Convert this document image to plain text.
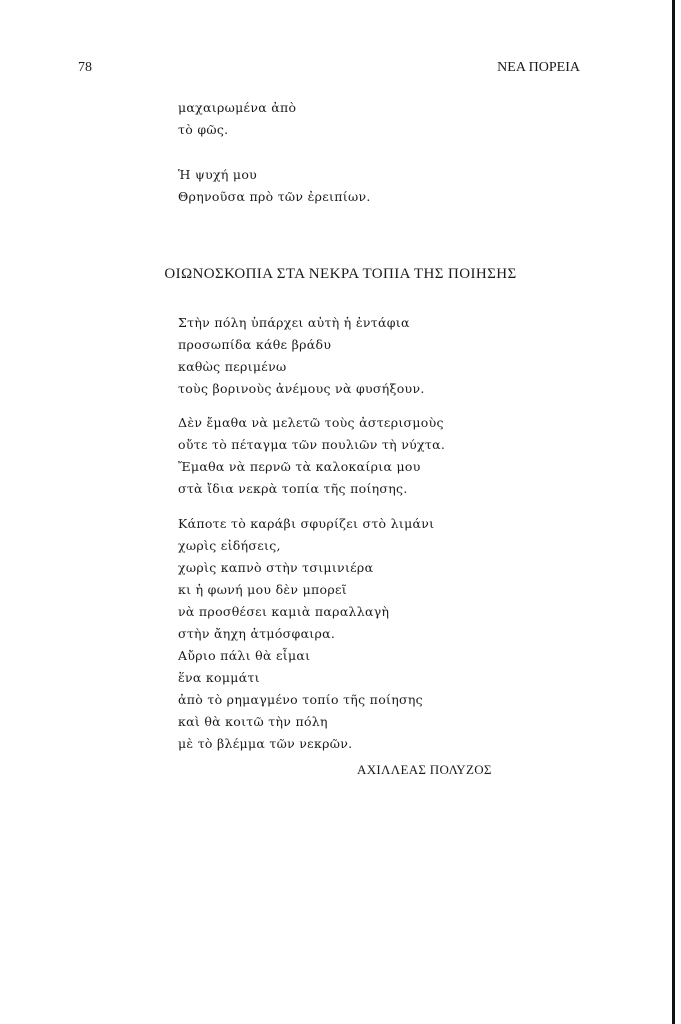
78	ΝΕΑ ΠΟΡΕΙΑ
μαχαιρωμένα ἀπὸ
τὸ φῶς.
Ἡ ψυχή μου
Θρηνοῦσα πρὸ τῶν ἐρειπίων.
ΟΙΩΝΟΣΚΟΠΙΑ ΣΤΑ ΝΕΚΡΑ ΤΟΠΙΑ ΤΗΣ ΠΟΙΗΣΗΣ
Στὴν πόλη ὑπάρχει αὐτὴ ἡ ἐντάφια
προσωπίδα κάθε βράδυ
καθὼς περιμένω
τοὺς βορινοὺς ἀνέμους νὰ φυσήξουν.
Δὲν ἔμαθα νὰ μελετῶ τοὺς ἀστερισμοὺς
οὔτε τὸ πέταγμα τῶν πουλιῶν τὴ νύχτα.
Ἔμαθα νὰ περνῶ τὰ καλοκαίρια μου
στὰ ἴδια νεκρὰ τοπία τῆς ποίησης.
Κάποτε τὸ καράβι σφυρίζει στὸ λιμάνι
χωρὶς εἰδήσεις,
χωρὶς καπνὸ στὴν τσιμινιέρα
κι ἡ φωνή μου δὲν μπορεῖ
νὰ προσθέσει καμιὰ παραλλαγὴ
στὴν ἄηχη ἀτμόσφαιρα.
Αὔριο πάλι θὰ εἶμαι
ἕνα κομμάτι
ἀπὸ τὸ ρημαγμένο τοπίο τῆς ποίησης
καὶ θὰ κοιτῶ τὴν πόλη
μὲ τὸ βλέμμα τῶν νεκρῶν.
ΑΧΙΛΛΕΑΣ ΠΟΛΥΖΟΣ
